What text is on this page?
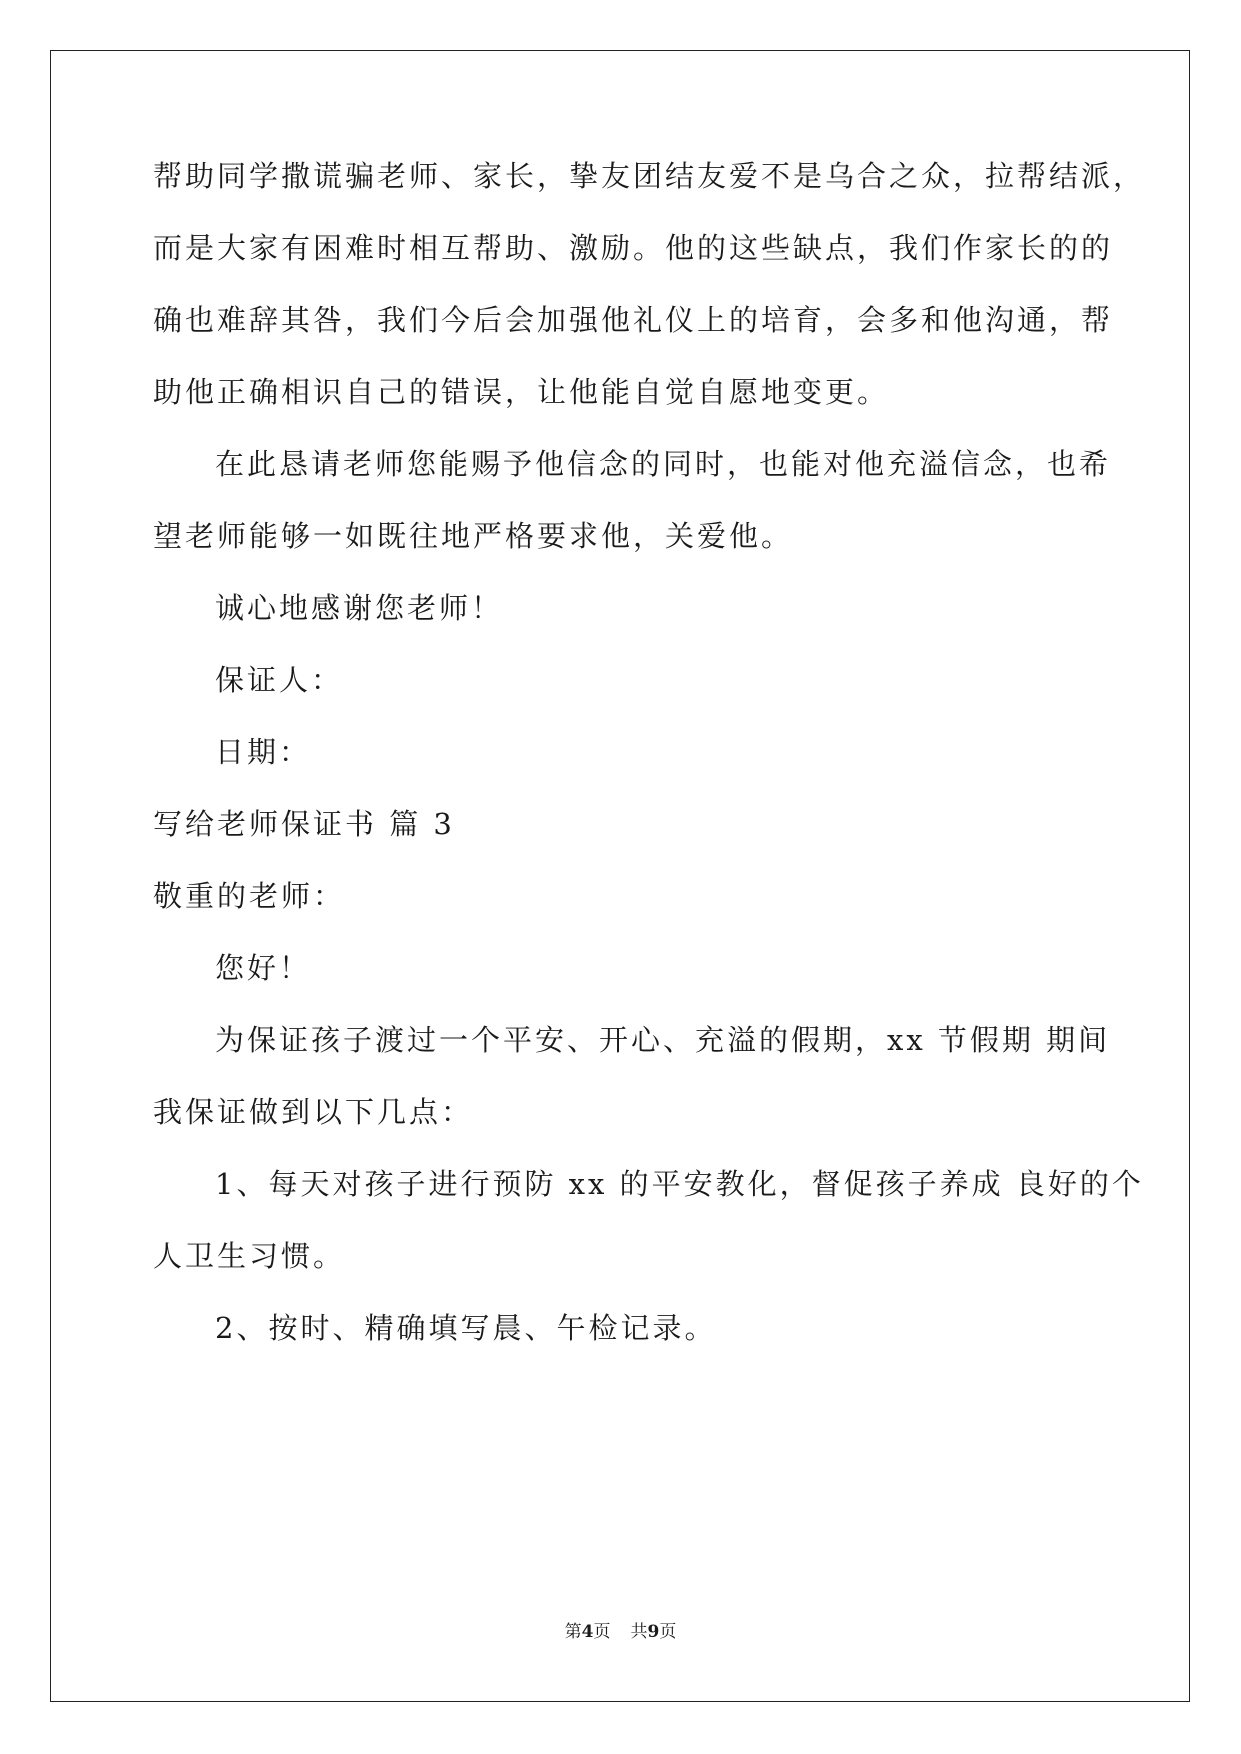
帮助同学撒谎骗老师、家长，挚友团结友爱不是乌合之众，拉帮结派，
而是大家有困难时相互帮助、激励。他的这些缺点，我们作家长的的
确也难辞其咎，我们今后会加强他礼仪上的培育，会多和他沟通，帮
助他正确相识自己的错误，让他能自觉自愿地变更。
在此恳请老师您能赐予他信念的同时，也能对他充溢信念，也希
望老师能够一如既往地严格要求他，关爱他。
诚心地感谢您老师！
保证人：
日期：
写给老师保证书 篇 3
敬重的老师：
您好！
为保证孩子渡过一个平安、开心、充溢的假期，xx 节假期 期间
我保证做到以下几点：
1、每天对孩子进行预防 xx 的平安教化，督促孩子养成 良好的个
人卫生习惯。
2、按时、精确填写晨、午检记录。
第4页 共9页
